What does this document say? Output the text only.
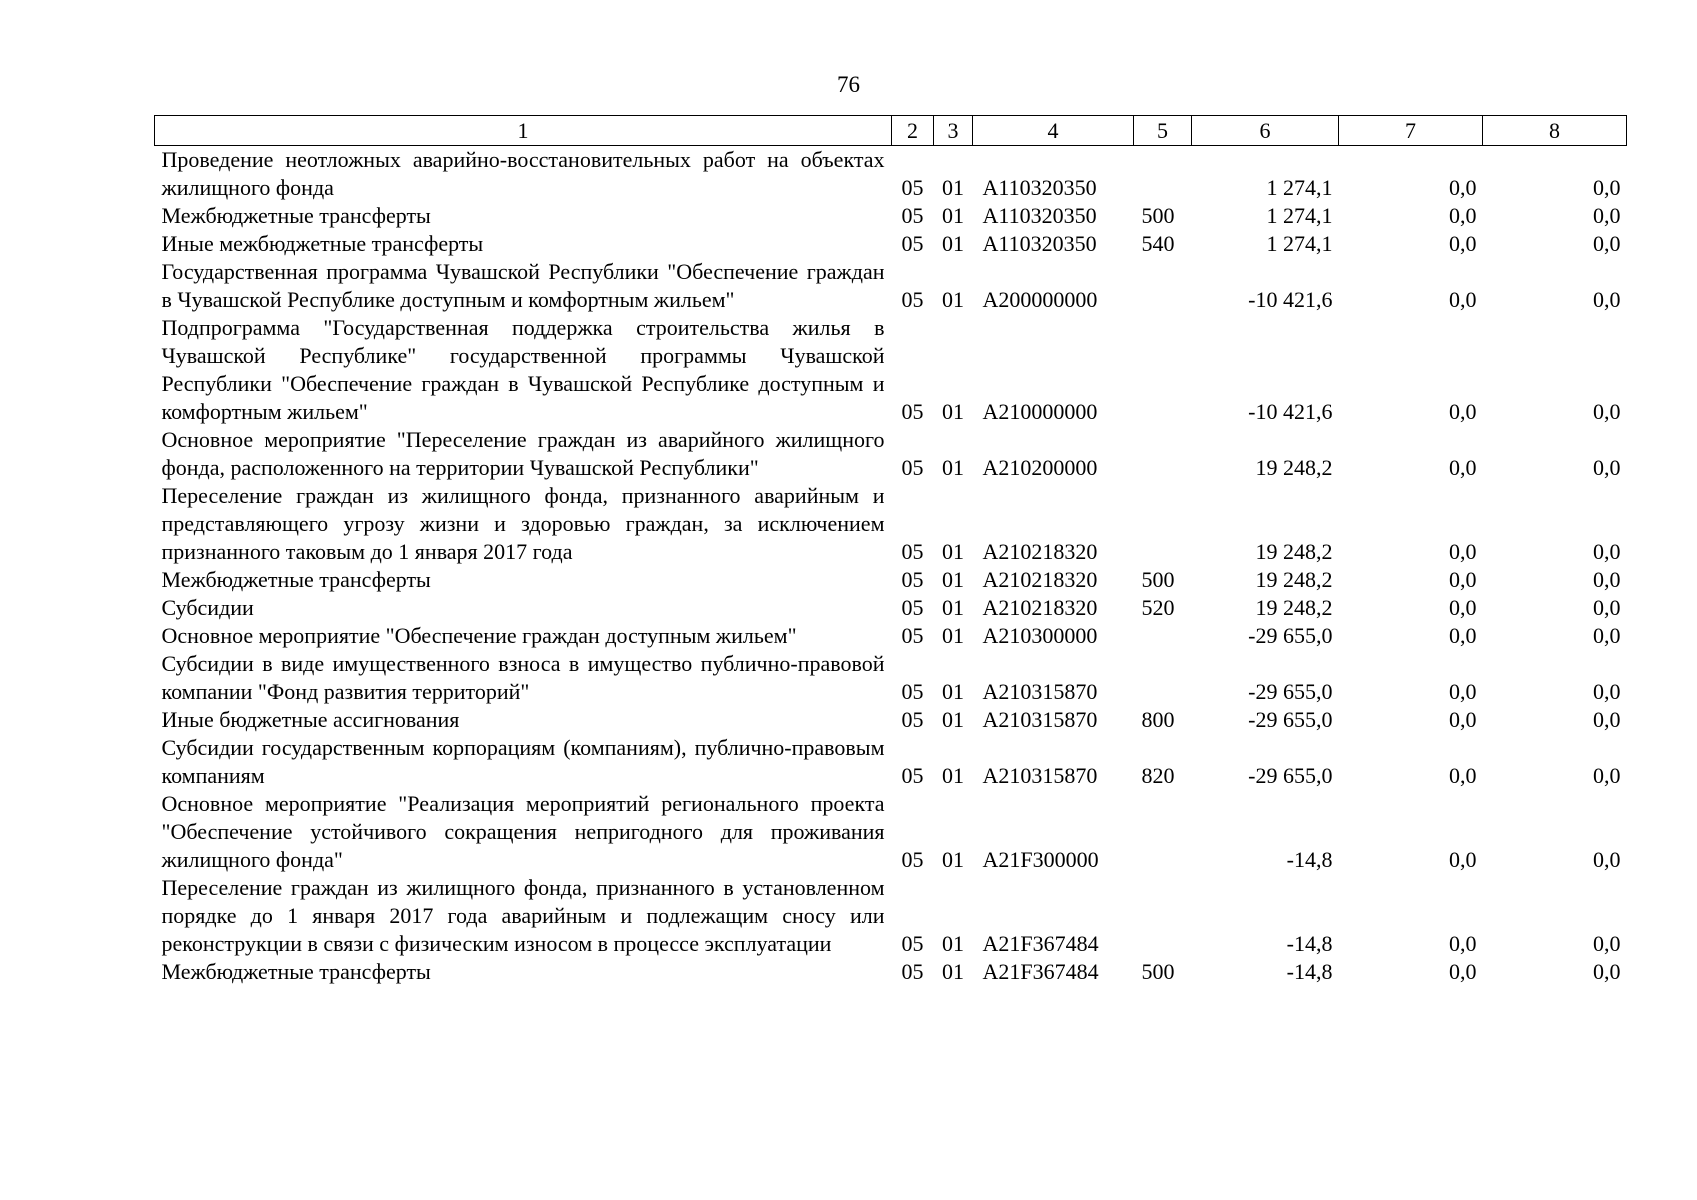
76
1	2	3	4	5	6	7	8
Проведение неотложных аварийно-восстановительных работ на объектах жилищного фонда	05	01	А110320350		1 274,1	0,0	0,0
Межбюджетные трансферты	05	01	А110320350	500	1 274,1	0,0	0,0
Иные межбюджетные трансферты	05	01	А110320350	540	1 274,1	0,0	0,0
Государственная программа Чувашской Республики "Обеспечение граждан в Чувашской Республике доступным и комфортным жильем"	05	01	А200000000		-10 421,6	0,0	0,0
Подпрограмма "Государственная поддержка строительства жилья в Чувашской Республике" государственной программы Чувашской Республики "Обеспечение граждан в Чувашской Республике доступным и комфортным жильем"	05	01	А210000000		-10 421,6	0,0	0,0
Основное мероприятие "Переселение граждан из аварийного жилищного фонда, расположенного на территории Чувашской Республики"	05	01	А210200000		19 248,2	0,0	0,0
Переселение граждан из жилищного фонда, признанного аварийным и представляющего угрозу жизни и здоровью граждан, за исключением признанного таковым до 1 января 2017 года	05	01	А210218320		19 248,2	0,0	0,0
Межбюджетные трансферты	05	01	А210218320	500	19 248,2	0,0	0,0
Субсидии	05	01	А210218320	520	19 248,2	0,0	0,0
Основное мероприятие "Обеспечение граждан доступным жильем"	05	01	А210300000		-29 655,0	0,0	0,0
Субсидии в виде имущественного взноса в имущество публично-правовой компании "Фонд развития территорий"	05	01	А210315870		-29 655,0	0,0	0,0
Иные бюджетные ассигнования	05	01	А210315870	800	-29 655,0	0,0	0,0
Субсидии государственным корпорациям (компаниям), публично-правовым компаниям	05	01	А210315870	820	-29 655,0	0,0	0,0
Основное мероприятие "Реализация мероприятий регионального проекта "Обеспечение устойчивого сокращения непригодного для проживания жилищного фонда"	05	01	А21F300000		-14,8	0,0	0,0
Переселение граждан из жилищного фонда, признанного в установленном порядке до 1 января 2017 года аварийным и подлежащим сносу или реконструкции в связи с физическим износом в процессе эксплуатации	05	01	А21F367484		-14,8	0,0	0,0
Межбюджетные трансферты	05	01	А21F367484	500	-14,8	0,0	0,0
